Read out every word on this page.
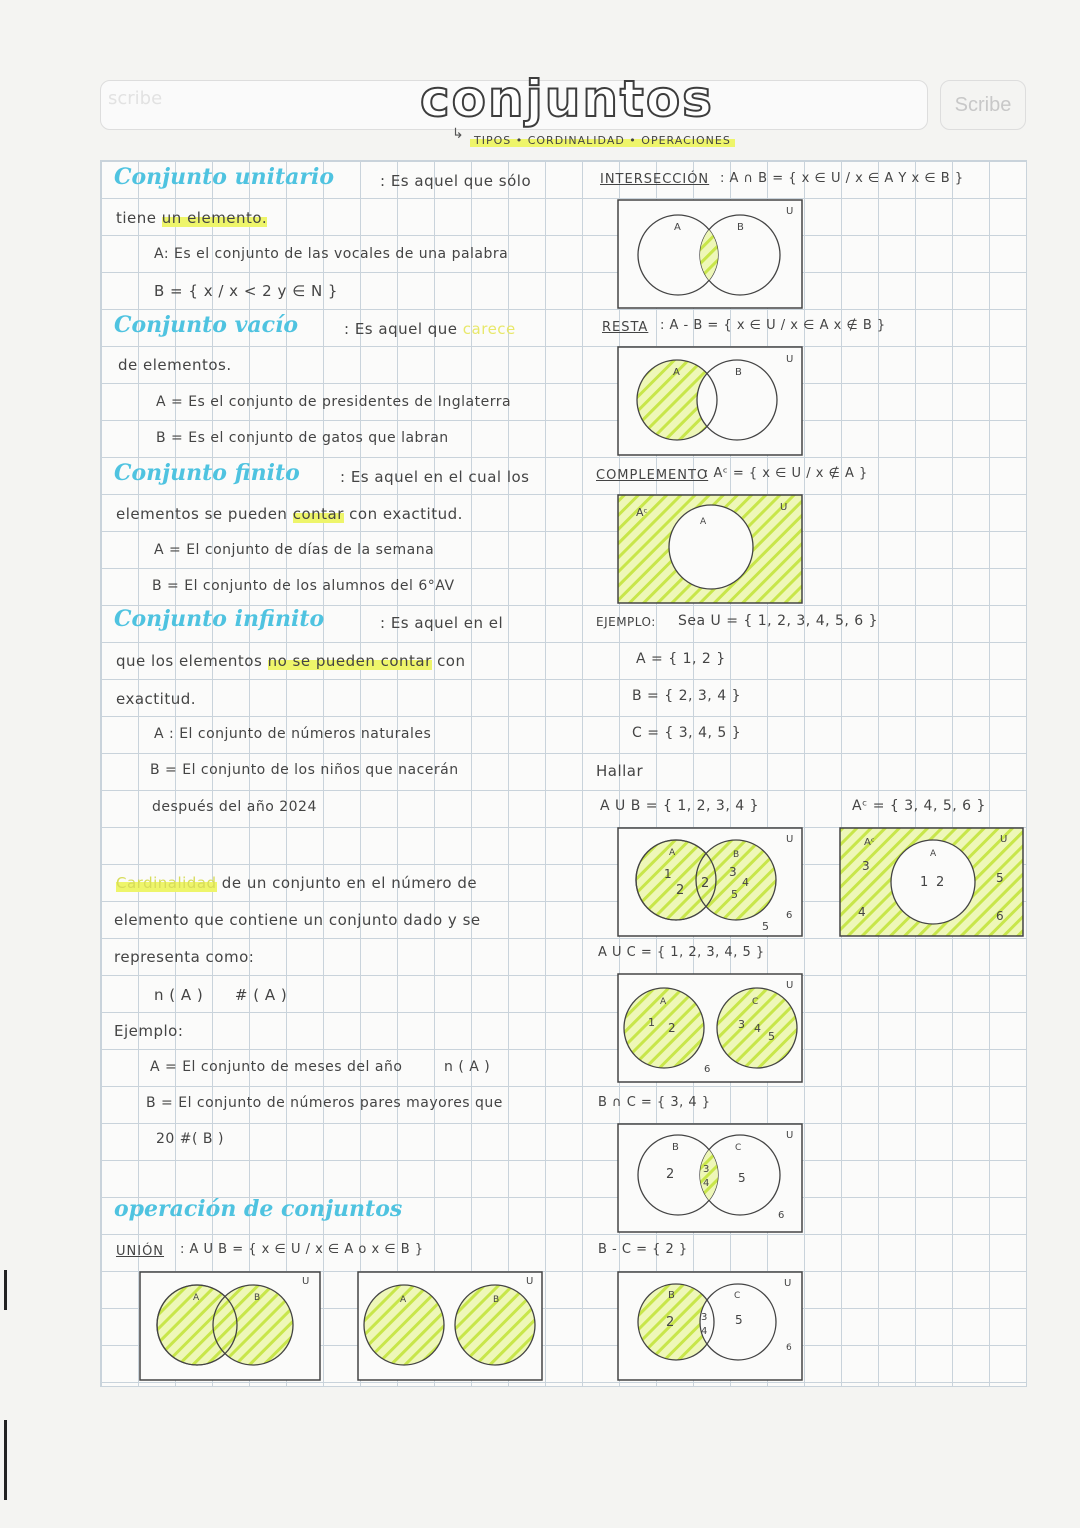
scribe	Scribe
conjuntos
↳ TIPOS • CORDINALIDAD • OPERACIONES
Conjunto unitario	: Es aquel que sólo
tiene un elemento.
A: Es el conjunto de las vocales de una palabra
B = { x / x < 2 y ∈ N }
Conjunto vacío	: Es aquel que carece
de elementos.
A = Es el conjunto de presidentes de Inglaterra
B = Es el conjunto de gatos que labran
Conjunto finito	: Es aquel en el cual los
elementos se pueden contar con exactitud.
A = El conjunto de días de la semana
B = El conjunto de los alumnos del 6°AV
Conjunto infinito	: Es aquel en el
que los elementos no se pueden contar con
exactitud.
A : El conjunto de números naturales
B = El conjunto de los niños que nacerán
después del año 2024
Cardinalidad de un conjunto en el número de
elemento que contiene un conjunto dado y se
representa como:
n ( A )      # ( A )
Ejemplo:
A = El conjunto de meses del año	n ( A )
B = El conjunto de números pares mayores que
20 #( B )
operación de conjuntos
UNIÓN : A U B = { x ∈ U / x ∈ A o x ∈ B }
INTERSECCIÓN : A ∩ B = { x ∈ U / x ∈ A Y x ∈ B }
RESTA : A - B = { x ∈ U / x ∈ A x ∉ B }
COMPLEMENTO
: Aᶜ = { x ∈ U / x ∉ A }
EJEMPLO: Sea U = { 1, 2, 3, 4, 5, 6 }
A = { 1, 2 }
B = { 2, 3, 4 }
C = { 3, 4, 5 }
Hallar
A U B = { 1, 2, 3, 4 }	Aᶜ = { 3, 4, 5, 6 }
A U C = { 1, 2, 3, 4, 5 }
B ∩ C = { 3, 4 }
B - C = { 2 }
A	B
U
A	B
U
Aᶜ
A
U
A	B
1
2 2
3
4
5
5
6
U	Aᶜ
A
1 2
3
4
5
6
U
A	C
1 2	3 4
5
6
U
B	C
2	3
4 5
6
U
B	C
2	3
4
5
6
U
A	B
U
A	B
U
